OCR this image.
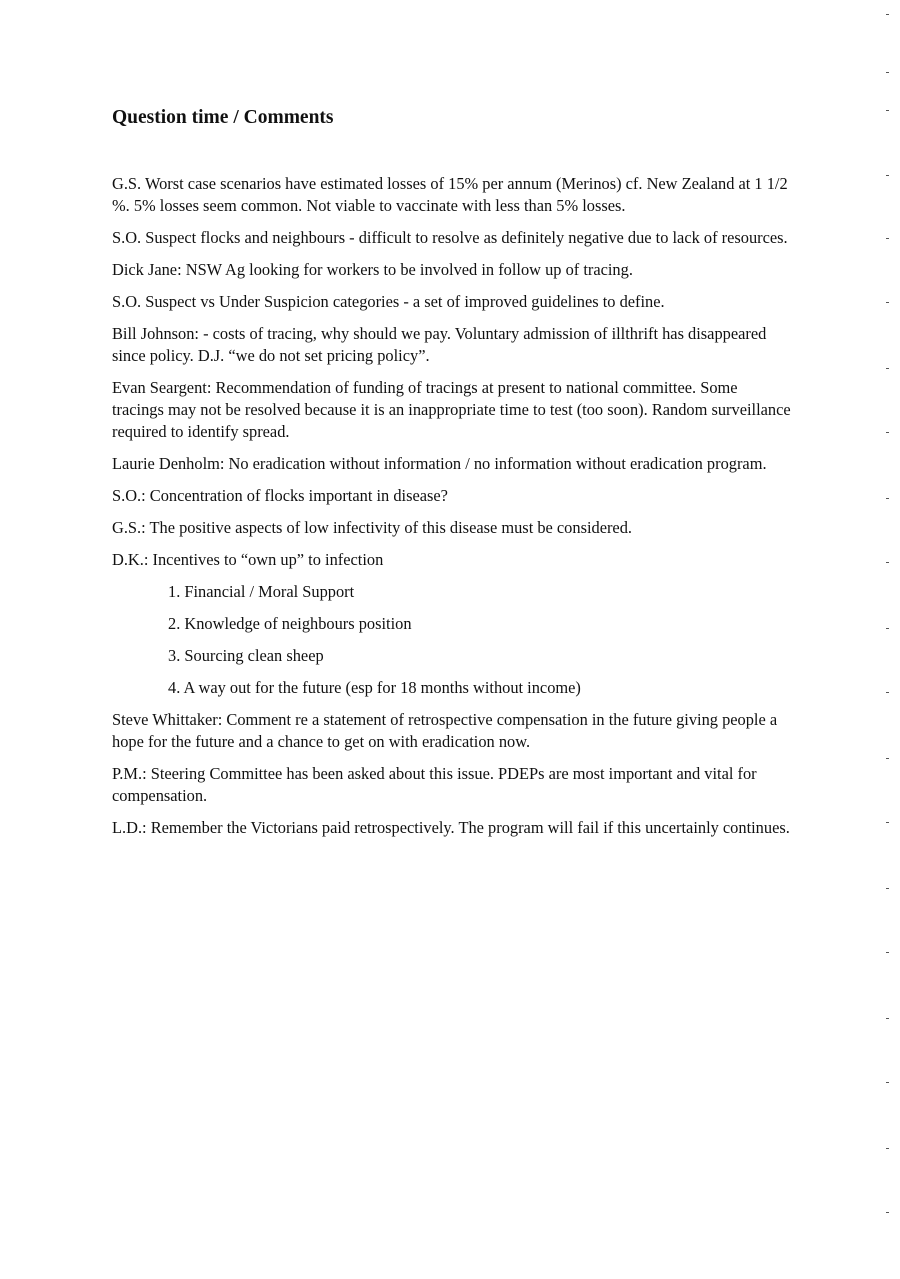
Question time / Comments

G.S. Worst case scenarios have estimated losses of 15% per annum (Merinos) cf. New Zealand at 1 1/2 %. 5% losses seem common. Not viable to vaccinate with less than 5% losses.

S.O. Suspect flocks and neighbours - difficult to resolve as definitely negative due to lack of resources.

Dick Jane: NSW Ag looking for workers to be involved in follow up of tracing.

S.O. Suspect vs Under Suspicion categories - a set of improved guidelines to define.

Bill Johnson: - costs of tracing, why should we pay. Voluntary admission of illthrift has disappeared since policy. D.J. “we do not set pricing policy”.

Evan Seargent: Recommendation of funding of tracings at present to national committee. Some tracings may not be resolved because it is an inappropriate time to test (too soon). Random surveillance required to identify spread.

Laurie Denholm: No eradication without information / no information without eradication program.

S.O.: Concentration of flocks important in disease?

G.S.: The positive aspects of low infectivity of this disease must be considered.

D.K.: Incentives to “own up” to infection

1. Financial / Moral Support
2. Knowledge of neighbours position
3. Sourcing clean sheep
4. A way out for the future (esp for 18 months without income)

Steve Whittaker: Comment re a statement of retrospective compensation in the future giving people a hope for the future and a chance to get on with eradication now.

P.M.: Steering Committee has been asked about this issue. PDEPs are most important and vital for compensation.

L.D.: Remember the Victorians paid retrospectively. The program will fail if this uncertainly continues.
